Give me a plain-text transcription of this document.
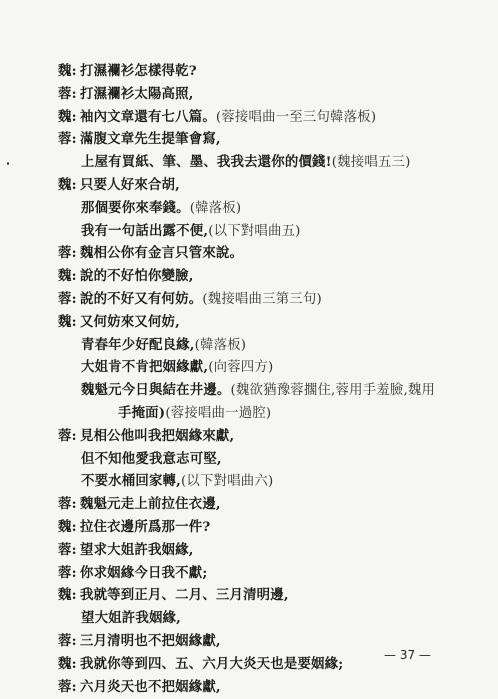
魏: 打濕襴衫怎樣得乾?
蓉: 打濕襴衫太陽高照,
魏: 袖內文章還有七八篇。(蓉接唱曲一至三句韓落板)
蓉: 滿腹文章先生提筆會寫,
上屋有買紙、筆、墨、我我去還你的價錢!(魏接唱五三)
魏: 只要人好來合胡,
那個要你來奉錢。(韓落板)
我有一句話出露不便,(以下對唱曲五)
蓉: 魏相公你有金言只管來說。
魏: 說的不好怕你變臉,
蓉: 說的不好又有何妨。(魏接唱曲三第三句)
魏: 又何妨來又何妨,
青春年少好配良緣,(韓落板)
大姐肯不肯把姻緣獻,(向蓉四方)
魏魁元今日與結在井邊。(魏欲猶豫蓉擱住,蓉用手羞臉,魏用
手掩面)(蓉接唱曲一過腔)
蓉: 見相公他叫我把姻緣來獻,
但不知他愛我意志可堅,
不要水桶回家轉,(以下對唱曲六)
蓉: 魏魁元走上前拉住衣邊,
魏: 拉住衣邊所爲那一件?
蓉: 望求大姐許我姻緣,
蓉: 你求姻緣今日我不獻;
魏: 我就等到正月、二月、三月清明邊,
望大姐許我姻緣,
蓉: 三月清明也不把姻緣獻,
魏: 我就你等到四、五、六月大炎天也是要姻緣;
蓉: 六月炎天也不把姻緣獻,
— 37 —
